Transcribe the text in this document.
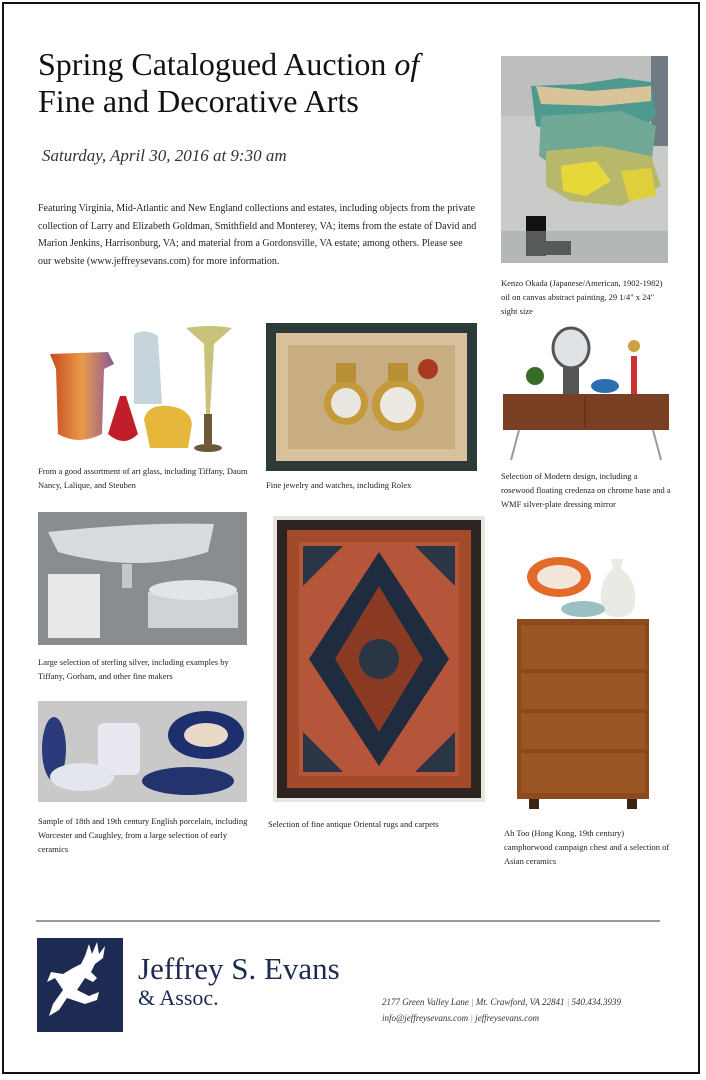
Spring Catalogued Auction of
Fine and Decorative Arts
Saturday, April 30, 2016 at 9:30 am
Featuring Virginia, Mid-Atlantic and New England collections and estates, including objects from the private collection of Larry and Elizabeth Goldman, Smithfield and Monterey, VA; items from the estate of David and Marion Jenkins, Harrisonburg, VA; and material from a Gordonsville, VA estate; among others. Please see our website (www.jeffreysevans.com) for more information.
Kenzo Okada (Japanese/American, 1902-1982) oil on canvas abstract painting, 29 1/4" x 24" sight size
From a good assortment of art glass, including Tiffany, Daum Nancy, Lalique, and Steuben	Fine jewelry and watches, including Rolex
Selection of Modern design, including a rosewood floating credenza on chrome base and a WMF silver-plate dressing mirror
Large selection of sterling silver, including examples by Tiffany, Gorham, and other fine makers
Sample of 18th and 19th century English porcelain, including Worcester and Caughley, from a large selection of early ceramics
Selection of fine antique Oriental rugs and carpets
Ah Too (Hong Kong, 19th century) camphorwood campaign chest and a selection of Asian ceramics
Jeffrey S. Evans
& Assoc.	2177 Green Valley Lane | Mt. Crawford, VA 22841 | 540.434.3939
info@jeffreysevans.com | jeffreysevans.com
